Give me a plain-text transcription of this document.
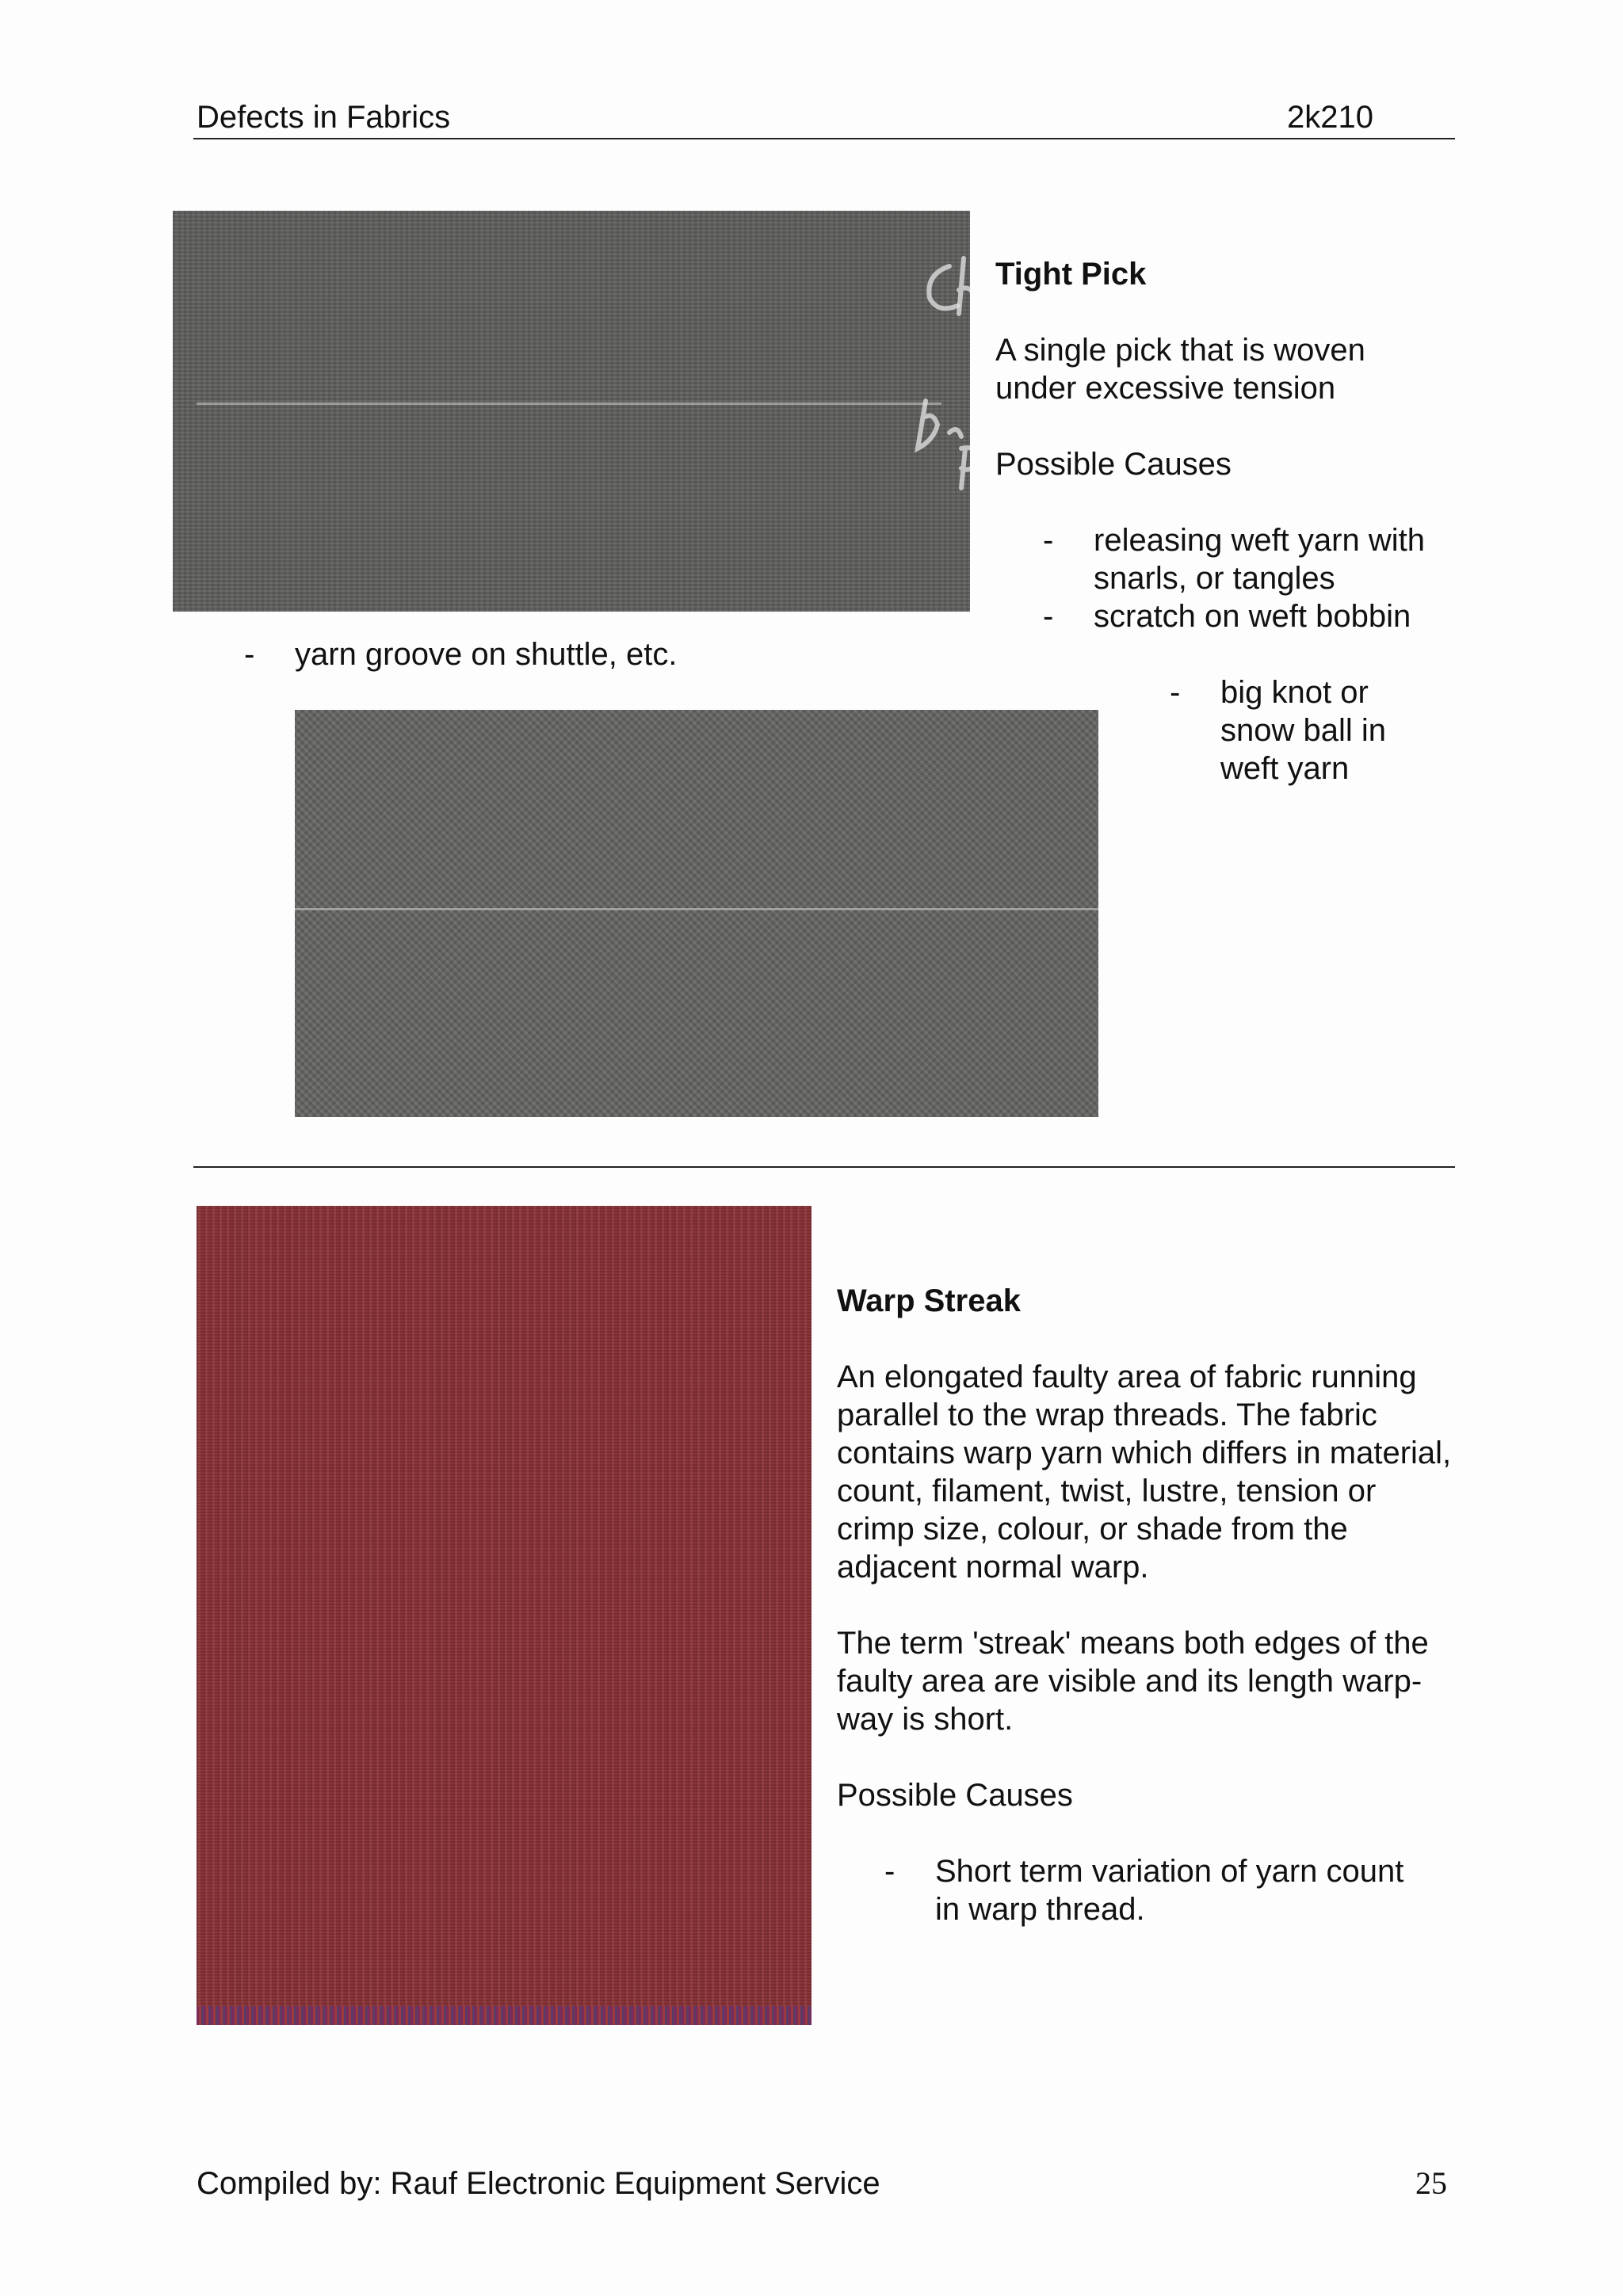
Defects in Fabrics	2k210
Tight Pick
A single pick that is woven under excessive tension
Possible Causes
- releasing weft yarn with snarls, or tangles
- scratch on weft bobbin
- yarn groove on shuttle, etc.
- big knot or snow ball in weft yarn
Warp Streak
An elongated faulty area of fabric running parallel to the wrap threads. The fabric contains warp yarn which differs in material, count, filament, twist, lustre, tension or crimp size, colour, or shade from the adjacent normal warp.
The term 'streak' means both edges of the faulty area are visible and its length warp-way is short.
Possible Causes
- Short term variation of yarn count in warp thread.
Compiled by: Rauf Electronic Equipment Service	25
